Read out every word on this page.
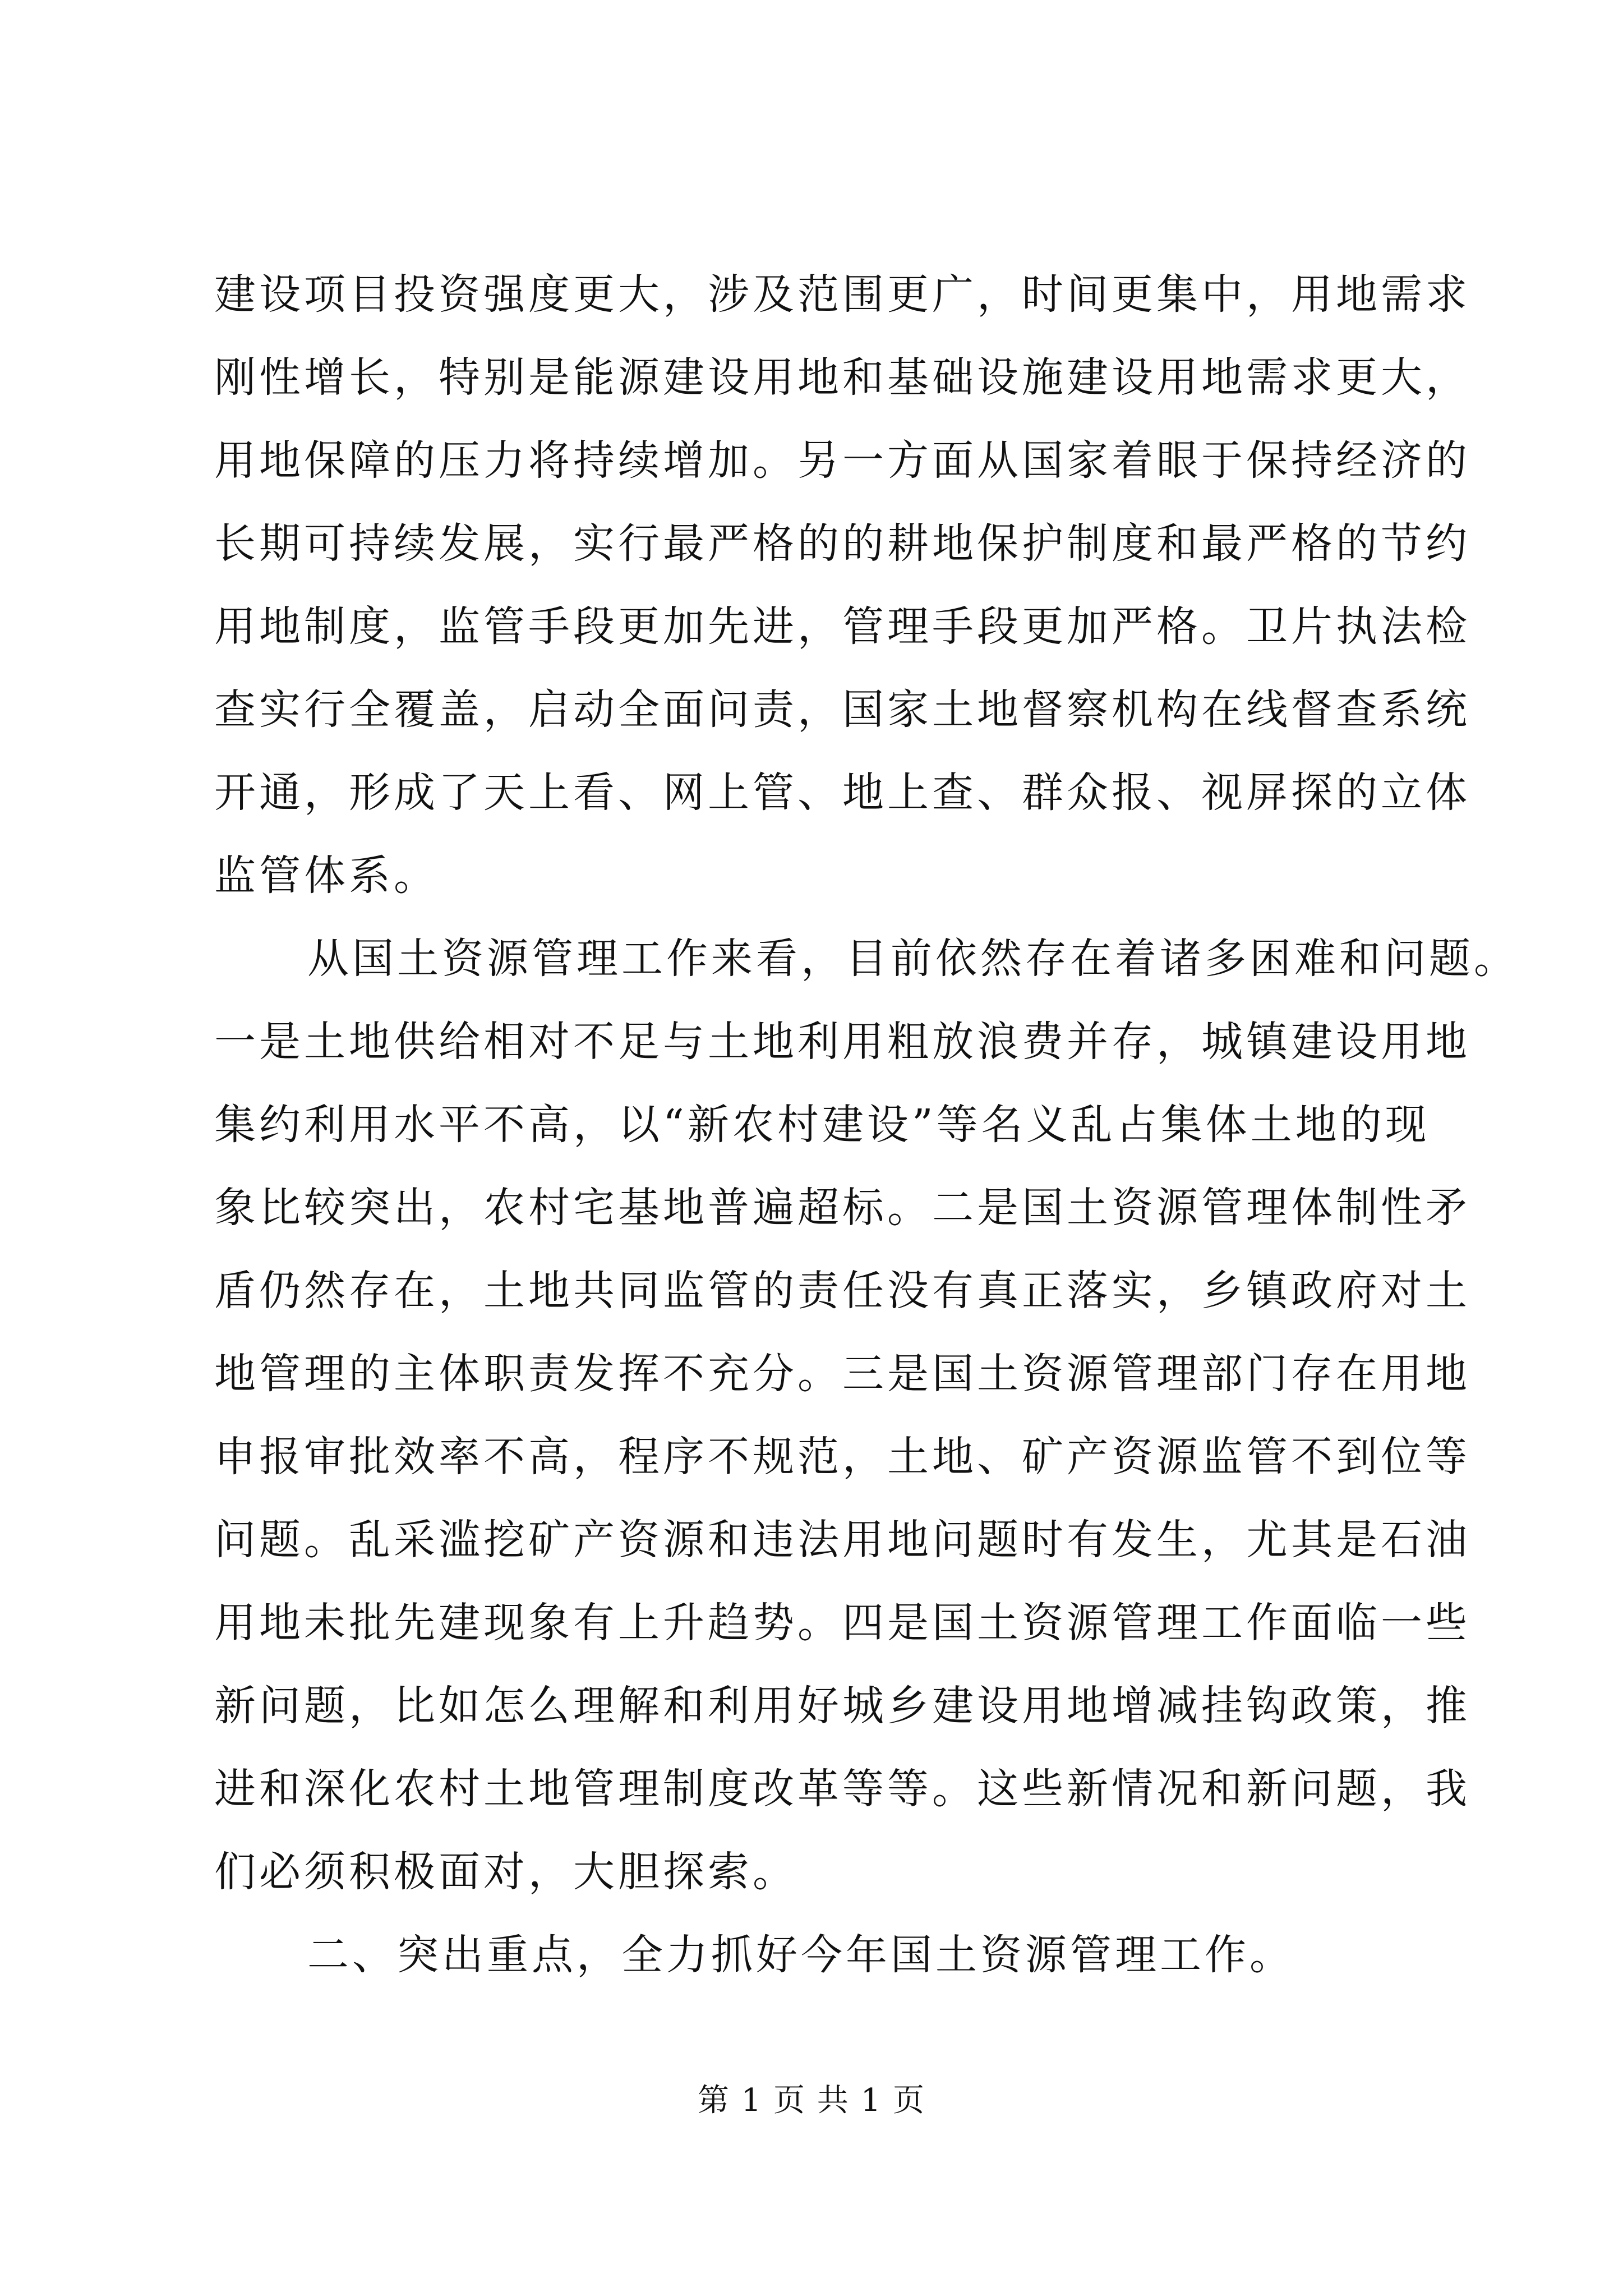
建设项目投资强度更大，涉及范围更广，时间更集中，用地需求
刚性增长，特别是能源建设用地和基础设施建设用地需求更大，
用地保障的压力将持续增加。另一方面从国家着眼于保持经济的
长期可持续发展，实行最严格的的耕地保护制度和最严格的节约
用地制度，监管手段更加先进，管理手段更加严格。卫片执法检
查实行全覆盖，启动全面问责，国家土地督察机构在线督查系统
开通，形成了天上看、网上管、地上查、群众报、视屏探的立体
监管体系。
从国土资源管理工作来看，目前依然存在着诸多困难和问题。
一是土地供给相对不足与土地利用粗放浪费并存，城镇建设用地
集约利用水平不高，以“新农村建设”等名义乱占集体土地的现
象比较突出，农村宅基地普遍超标。二是国土资源管理体制性矛
盾仍然存在，土地共同监管的责任没有真正落实，乡镇政府对土
地管理的主体职责发挥不充分。三是国土资源管理部门存在用地
申报审批效率不高，程序不规范，土地、矿产资源监管不到位等
问题。乱采滥挖矿产资源和违法用地问题时有发生，尤其是石油
用地未批先建现象有上升趋势。四是国土资源管理工作面临一些
新问题，比如怎么理解和利用好城乡建设用地增减挂钩政策，推
进和深化农村土地管理制度改革等等。这些新情况和新问题，我
们必须积极面对，大胆探索。
二、突出重点，全力抓好今年国土资源管理工作。
第 1 页 共 1 页
